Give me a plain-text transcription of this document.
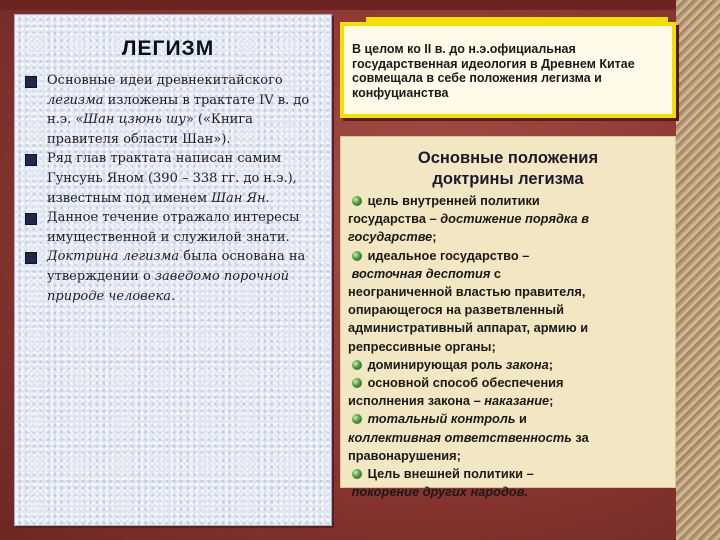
ЛЕГИЗМ
Основные идеи древнекитайского легизма изложены в трактате IV в. до н.э. «Шан цзюнь шу» («Книга правителя области Шан»).
Ряд глав трактата написан самим Гунсунь Яном (390 – 338 гг. до н.э.), известным под именем Шан Ян.
Данное течение отражало интересы имущественной и служилой знати.
Доктрина легизма была основана на утверждении о заведомо порочной природе человека.
В целом ко II в. до н.э.официальная государственная идеология в Древнем Китае совмещала в себе положения легизма и конфуцианства
Основные положения
доктрины легизма
цель внутренней политики
государства – достижение порядка в
государстве;
идеальное государство –
восточная деспотия с
неограниченной властью правителя,
опирающегося на разветвленный
административный аппарат, армию и
репрессивные органы;
доминирующая роль закона;
основной способ обеспечения
исполнения закона – наказание;
тотальный контроль и
коллективная ответственность за
правонарушения;
Цель внешней политики –
покорение других народов.
